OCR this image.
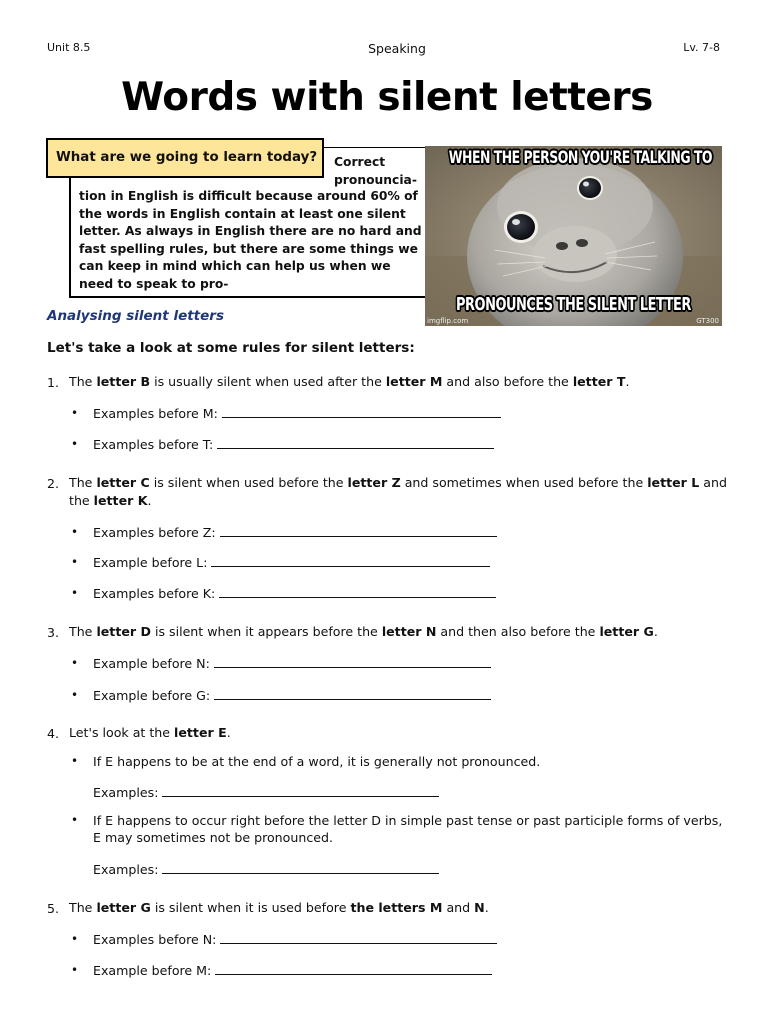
Unit 8.5	Speaking	Lv. 7-8
Words with silent letters
Correct pronouncia-
tion in English is difficult because around 60% of the words in English contain at least one silent letter. As always in English there are no hard and fast spelling rules, but there are some things we can keep in mind which can help us when we need to speak to pro-
What are we going to learn today?	WHEN THE PERSON YOU'RE TALKING TO
PRONOUNCES THE SILENT LETTER
imgflip.com	GT300
Analysing silent letters
Let's take a look at some rules for silent letters:
1. The letter B is usually silent when used after the letter M and also before the letter T.
• Examples before M:
• Examples before T:
2. The letter C is silent when used before the letter Z and sometimes when used before the letter L and
the letter K.
• Examples before Z:
• Example before L:
• Examples before K:
3. The letter D is silent when it appears before the letter N and then also before the letter G.
• Example before N:
• Example before G:
4. Let's look at the letter E.
• If E happens to be at the end of a word, it is generally not pronounced.
Examples:
• If E happens to occur right before the letter D in simple past tense or past participle forms of verbs,
E may sometimes not be pronounced.
Examples:
5. The letter G is silent when it is used before the letters M and N.
• Examples before N:
• Example before M:
